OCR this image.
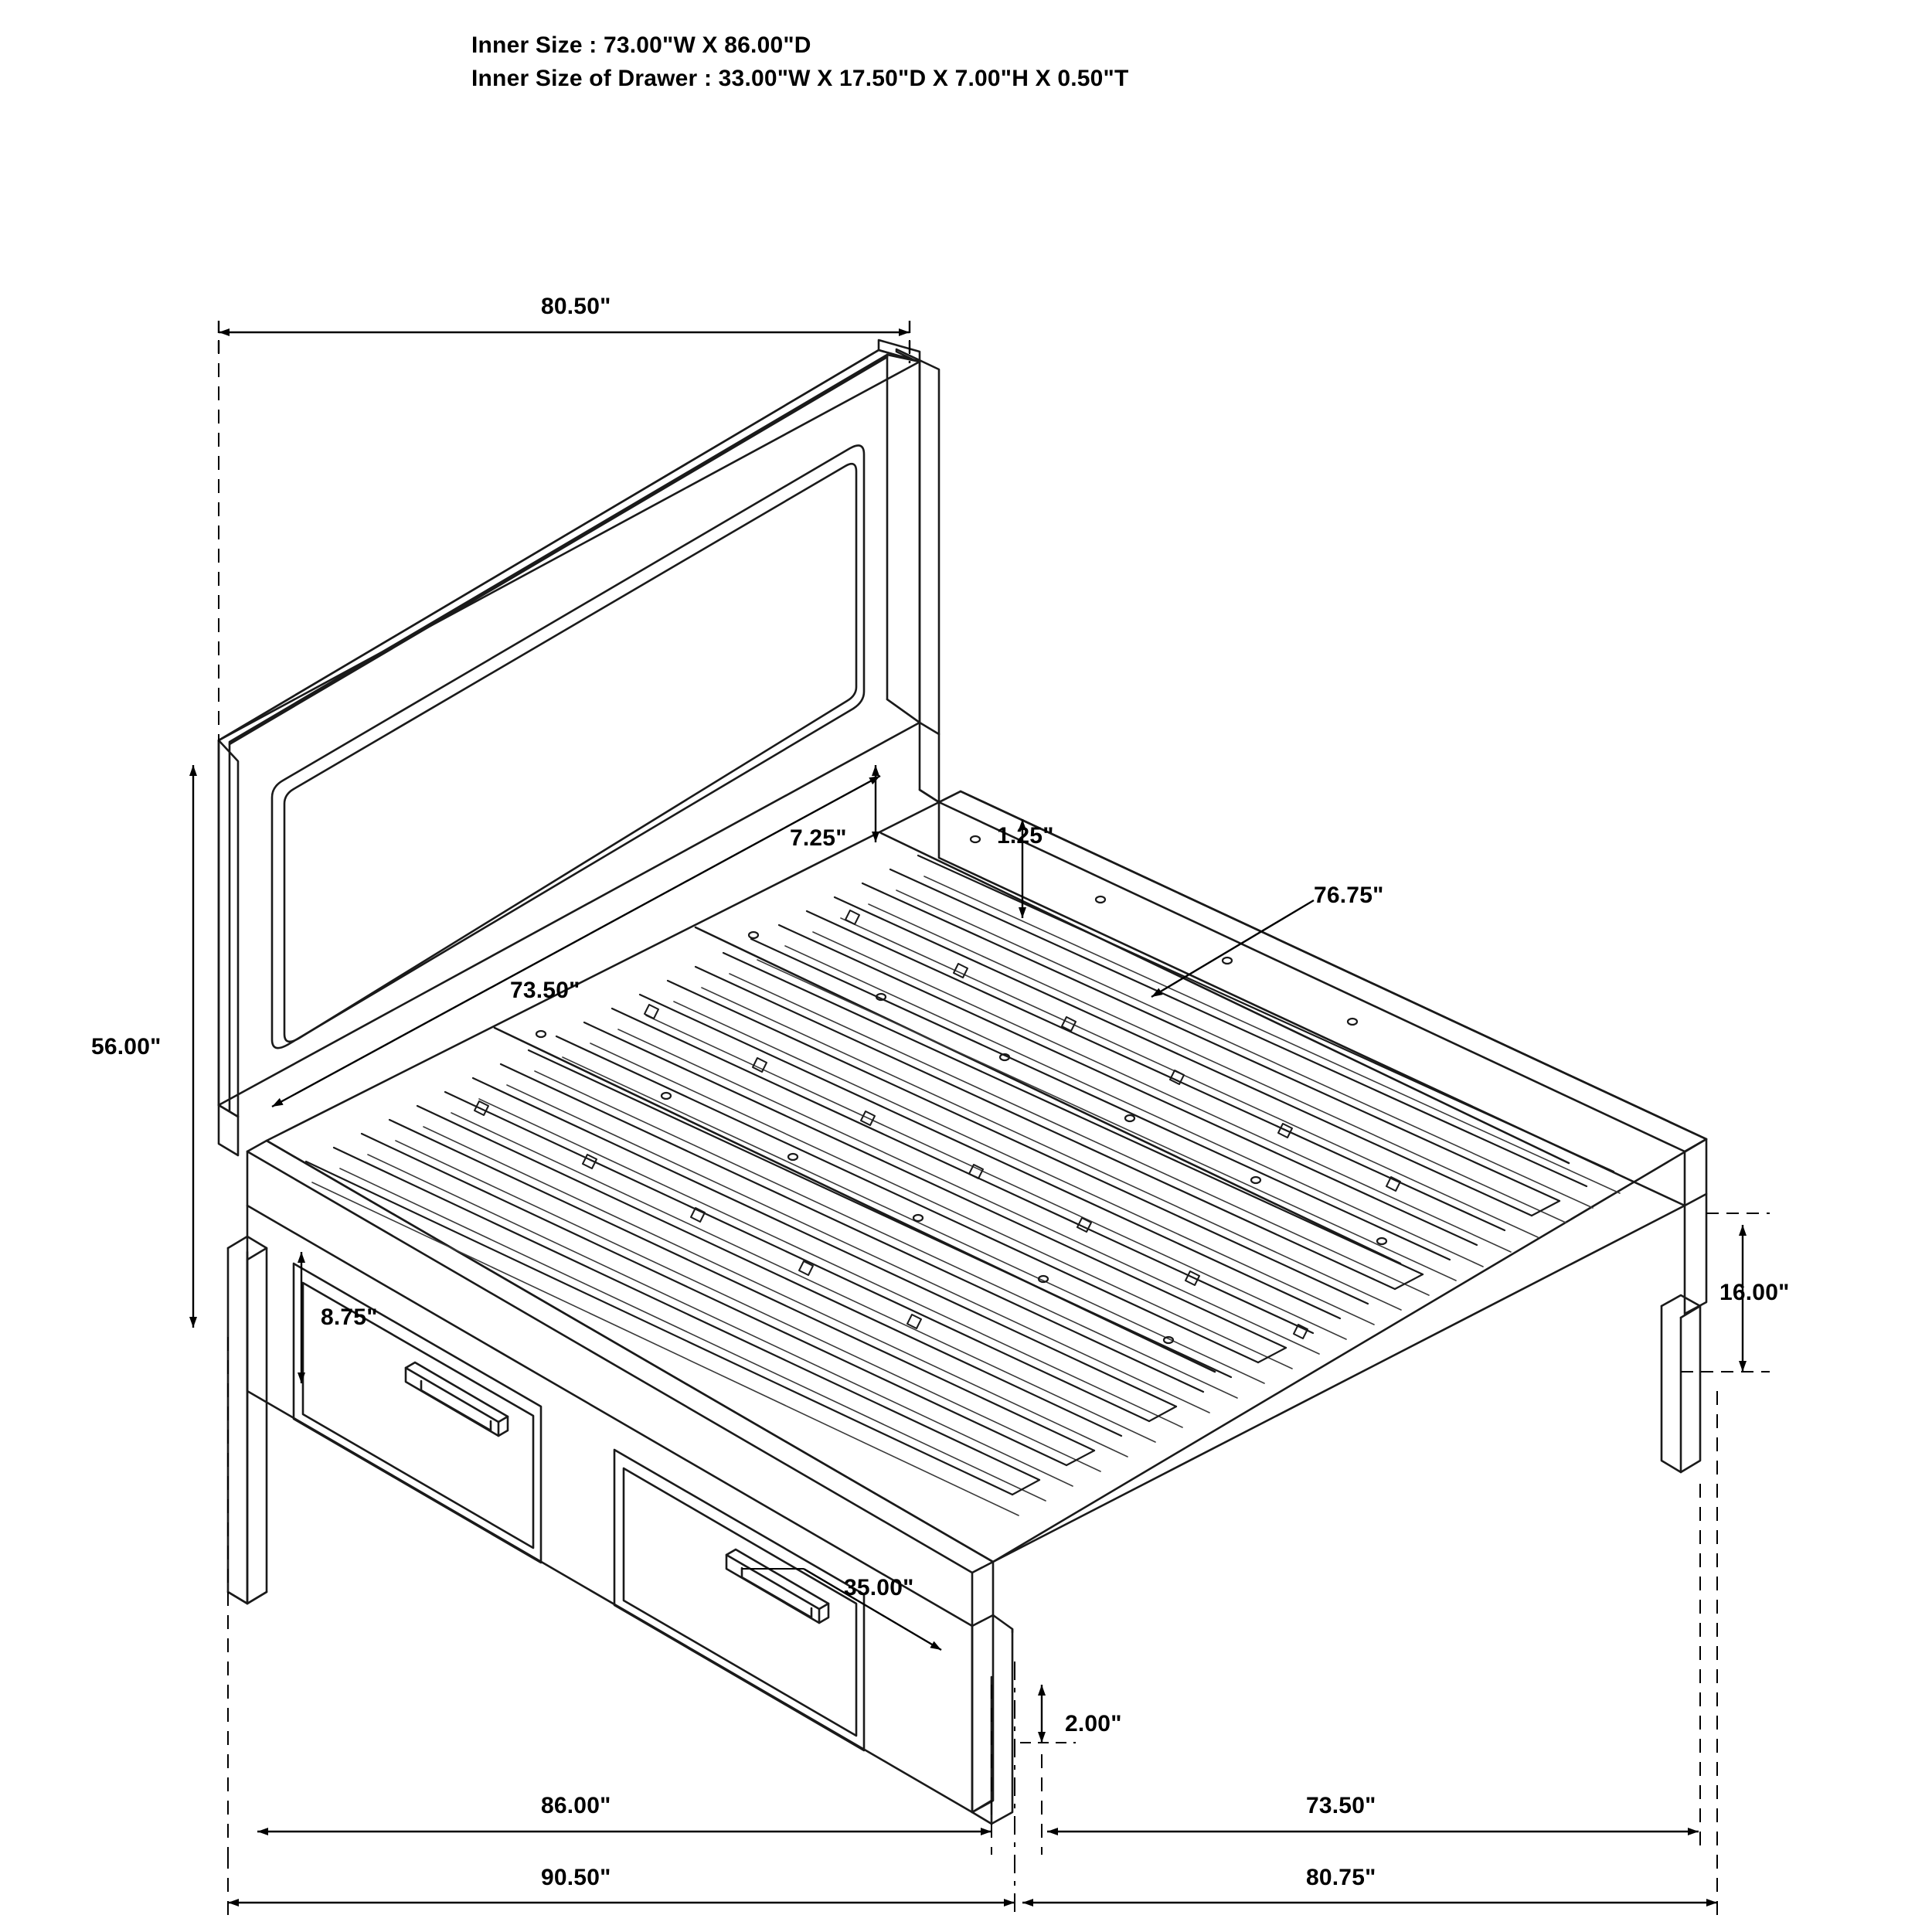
Inner Size : 73.00"W X 86.00"D
Inner Size of Drawer : 33.00"W X 17.50"D X 7.00"H X 0.50"T
80.50"
56.00"
7.25"	1.25"
73.50"
76.75"
8.75"
16.00"
35.00"
2.00"
86.00"	73.50"
90.50"	80.75"
